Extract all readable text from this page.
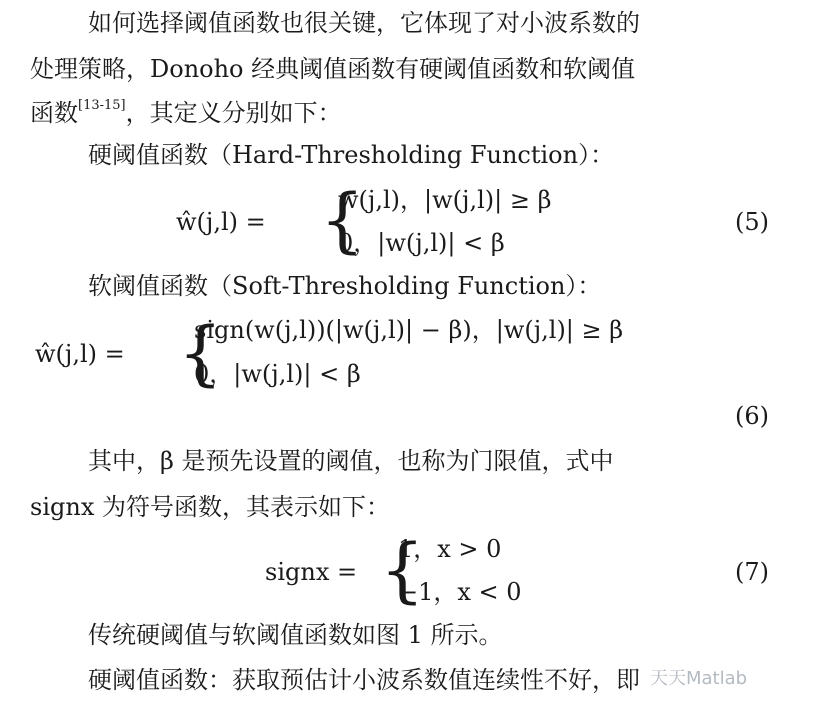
如何选择阈值函数也很关键，它体现了对小波系数的
处理策略，Donoho 经典阈值函数有硬阈值函数和软阈值
函数[13-15]，其定义分别如下：
硬阈值函数（Hard-Thresholding Function）：
ŵ(j,l) = {
w(j,l)，|w(j,l)| ≥ β
0，|w(j,l)| < β
(5)
软阈值函数（Soft-Thresholding Function）：
ŵ(j,l) = {
sign(w(j,l))(|w(j,l)| − β)，|w(j,l)| ≥ β
0，|w(j,l)| < β
(6)
其中，β 是预先设置的阈值，也称为门限值，式中
signx 为符号函数，其表示如下：
signx = {
1，x > 0
−1，x < 0
(7)
传统硬阈值与软阈值函数如图 1 所示。
硬阈值函数：获取预估计小波系数值连续性不好，即 天天Matlab
